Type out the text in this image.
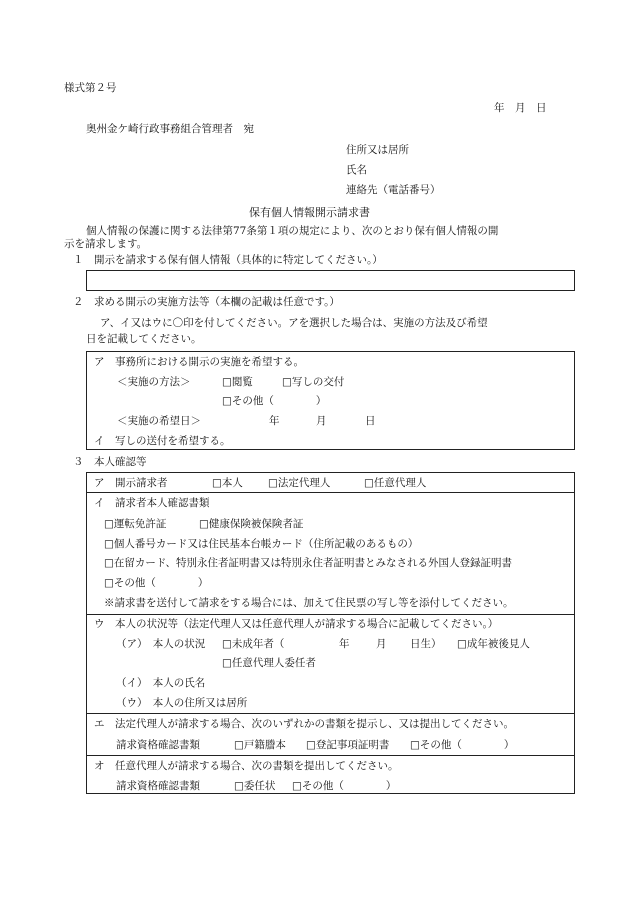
様式第２号
年　月　日
奥州金ケ崎行政事務組合管理者　宛
住所又は居所
氏名
連絡先（電話番号）
保有個人情報開示請求書
個人情報の保護に関する法律第77条第１項の規定により、次のとおり保有個人情報の開
示を請求します。
１　開示を請求する保有個人情報（具体的に特定してください。）
２　求める開示の実施方法等（本欄の記載は任意です。）
ア、イ又はウに〇印を付してください。アを選択した場合は、実施の方法及び希望
日を記載してください。
ア　事務所における開示の実施を希望する。
＜実施の方法＞	□閲覧	□写しの交付
□その他（　　　　）
＜実施の希望日＞	年	月	日
イ　写しの送付を希望する。
３　本人確認等
ア　開示請求者	□本人 □法定代理人	□任意代理人
イ　請求者本人確認書類
□運転免許証	□健康保険被保険者証
□個人番号カード又は住民基本台帳カード（住所記載のあるもの）
□在留カード、特別永住者証明書又は特別永住者証明書とみなされる外国人登録証明書
□その他（　　　　）
※請求書を送付して請求をする場合には、加えて住民票の写し等を添付してください。
ウ　本人の状況等（法定代理人又は任意代理人が請求する場合に記載してください。）
（ア）　本人の状況 □未成年者（	年	月 日生） □成年被後見人
□任意代理人委任者
（イ）　本人の氏名
（ウ）　本人の住所又は居所
エ　法定代理人が請求する場合、次のいずれかの書類を提示し、又は提出してください。
請求資格確認書類	□戸籍謄本 □登記事項証明書 □その他（　　　　）
オ　任意代理人が請求する場合、次の書類を提出してください。
請求資格確認書類	□委任状 □その他（　　　　）
